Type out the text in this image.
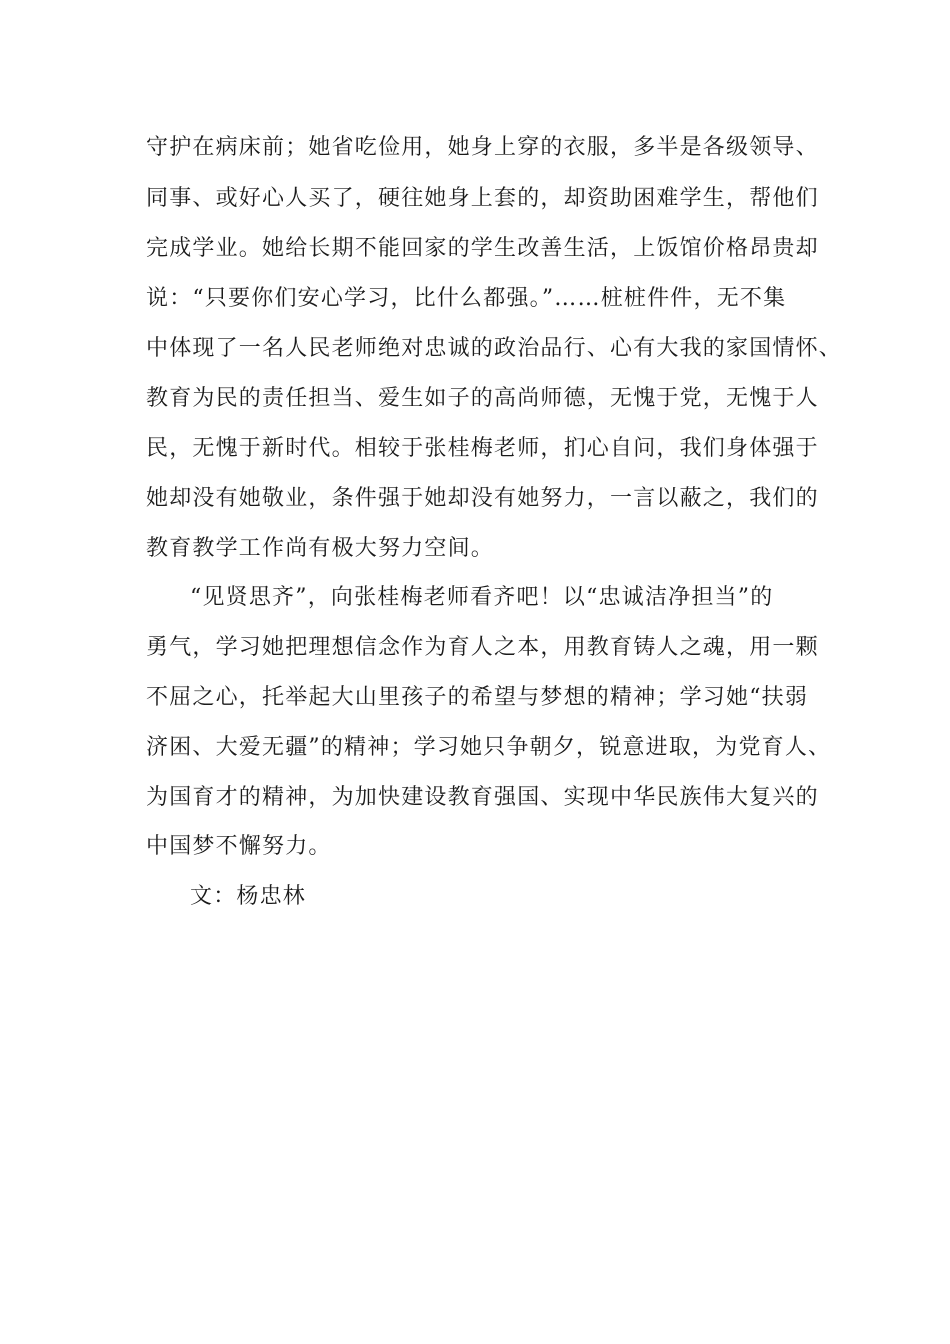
守护在病床前；她省吃俭用，她身上穿的衣服，多半是各级领导、
同事、或好心人买了，硬往她身上套的，却资助困难学生，帮他们
完成学业。她给长期不能回家的学生改善生活，上饭馆价格昂贵却
说：“只要你们安心学习，比什么都强。”……桩桩件件，无不集
中体现了一名人民老师绝对忠诚的政治品行、心有大我的家国情怀、
教育为民的责任担当、爱生如子的高尚师德，无愧于党，无愧于人
民，无愧于新时代。相较于张桂梅老师，扪心自问，我们身体强于
她却没有她敬业，条件强于她却没有她努力，一言以蔽之，我们的
教育教学工作尚有极大努力空间。
“见贤思齐”，向张桂梅老师看齐吧！以“忠诚洁净担当”的
勇气，学习她把理想信念作为育人之本，用教育铸人之魂，用一颗
不屈之心，托举起大山里孩子的希望与梦想的精神；学习她“扶弱
济困、大爱无疆”的精神；学习她只争朝夕，锐意进取，为党育人、
为国育才的精神，为加快建设教育强国、实现中华民族伟大复兴的
中国梦不懈努力。
文：杨忠林
